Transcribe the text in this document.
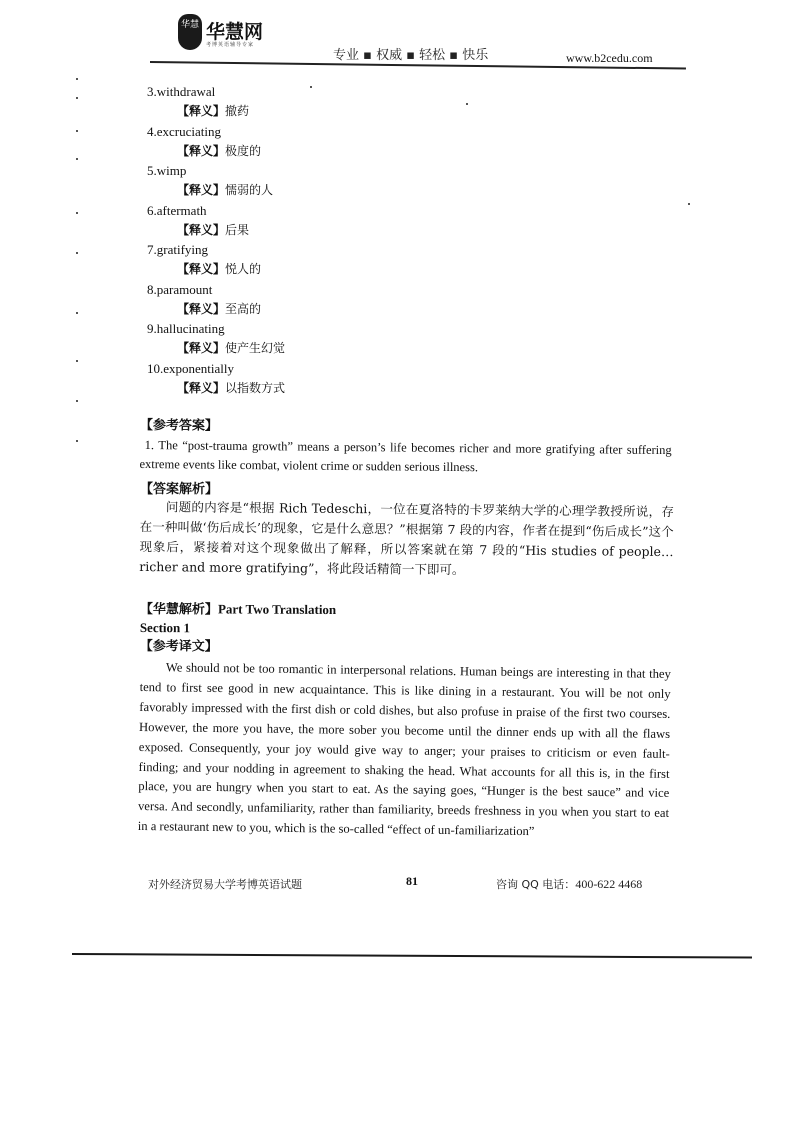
华慧 华慧网
考博英语辅导专家
专业 ▪ 权威 ▪ 轻松 ▪ 快乐	www.b2cedu.com
3.withdrawal
【释义】撤药
4.excruciating
【释义】极度的
5.wimp
【释义】懦弱的人
6.aftermath
【释义】后果
7.gratifying
【释义】悦人的
8.paramount
【释义】至高的
9.hallucinating
【释义】使产生幻觉
10.exponentially
【释义】以指数方式
【参考答案】
1. The “post-trauma growth” means a person’s life becomes richer and more gratifying after suffering extreme events like combat, violent crime or sudden serious illness.
【答案解析】
问题的内容是“根据 Rich Tedeschi，一位在夏洛特的卡罗莱纳大学的心理学教授所说，存在一种叫做‘伤后成长’的现象，它是什么意思？”根据第 7 段的内容，作者在提到“伤后成长”这个现象后，紧接着对这个现象做出了解释，所以答案就在第 7 段的“His studies of people…richer and more gratifying”，将此段话精简一下即可。
【华慧解析】Part Two Translation
Section 1
【参考译文】
We should not be too romantic in interpersonal relations. Human beings are interesting in that they tend to first see good in new acquaintance. This is like dining in a restaurant. You will be not only favorably impressed with the first dish or cold dishes, but also profuse in praise of the first two courses. However, the more you have, the more sober you become until the dinner ends up with all the flaws exposed. Consequently, your joy would give way to anger; your praises to criticism or even fault-finding; and your nodding in agreement to shaking the head. What accounts for all this is, in the first place, you are hungry when you start to eat. As the saying goes, “Hunger is the best sauce” and vice versa. And secondly, unfamiliarity, rather than familiarity, breeds freshness in you when you start to eat in a restaurant new to you, which is the so-called “effect of un-familiarization”
对外经济贸易大学考博英语试题	81	咨询 QQ 电话：400-622 4468
